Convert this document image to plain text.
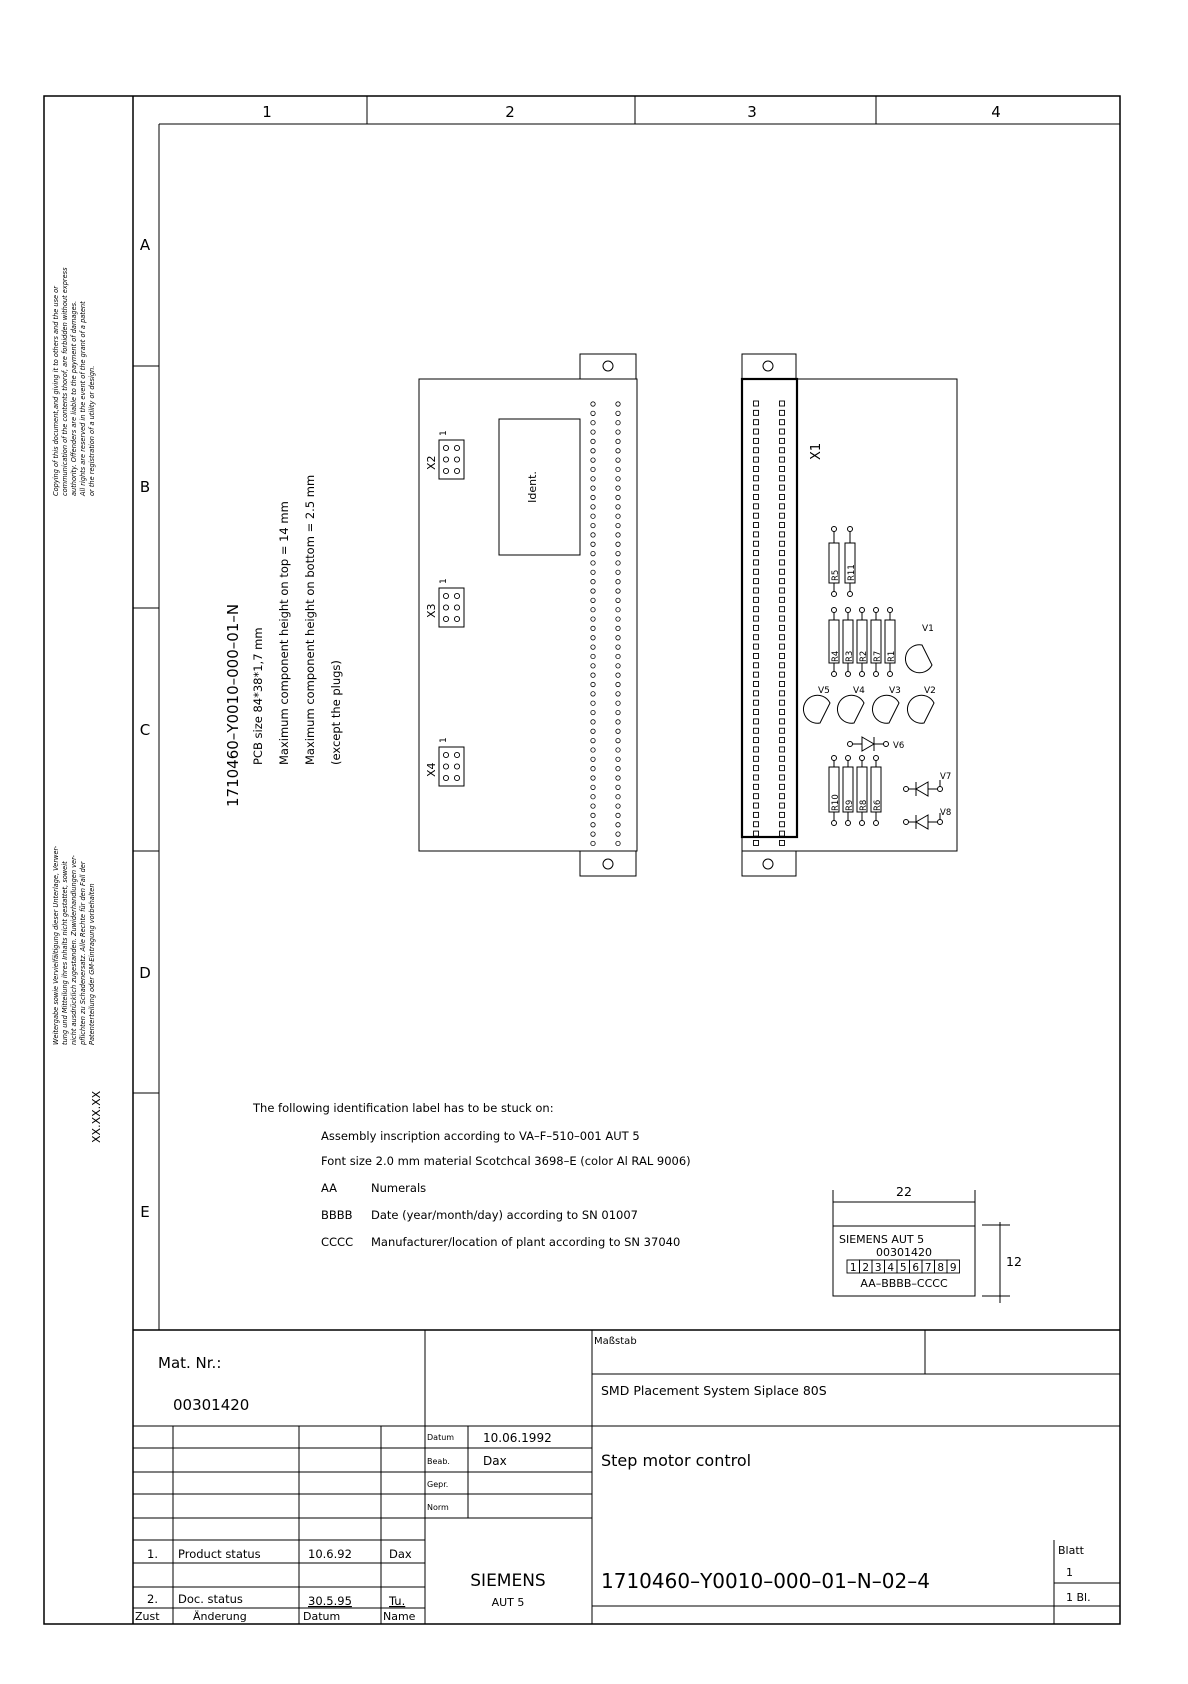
1	2	3	4
A
B
C
D
E
Copying of this document,and giving it to others and the use or communication of the contents thorof, are forbidden without express authority. Offenders are liable to the payment of damages. All rights are reserved in the event of the grant of a patent or the registration of a utility or design.
Weitergabe sowie Vervielfältigung dieser Unterlage, Verwer- tung und Mitteilung ihres Inhalts nicht gestattet, soweit nicht ausdrücklich zugestanden. Zuwiderhandlungen ver- pflichten zu Schadenersatz. Alle Rechte für den Fall der Patenterteilung oder GM-Eintragung vorbehalten
XX.XX.XX
1710460–Y0010–000–01–N PCB size 84*38*1,7 mm Maximum component height on top = 14 mm Maximum component height on bottom = 2.5 mm (except the plugs)
Ident.
X2
1
X3
1
X4
1
X1
R5 R11
R4 R3 R2 R7 R1
V1
V5	V4	V3	V2
V6
R10 R9 R8 R6
V7
V8
The following identification label has to be stuck on:
Assembly inscription according to VA–F–510–001 AUT 5
Font size 2.0 mm material Scotchcal 3698–E (color Al RAL 9006)
AA	Numerals
BBBB Date (year/month/day) according to SN 01007
CCCC Manufacturer/location of plant according to SN 37040
22
12
SIEMENS AUT 5
00301420
1 2 3 4 5 6 7 8 9
AA–BBBB–CCCC
Mat. Nr.:
00301420
Maßstab
SMD Placement System Siplace 80S
Step motor control
Datum 10.06.1992
Beab.	Dax
Gepr.
Norm
SIEMENS
AUT 5
1710460–Y0010–000–01–N–02–4
Blatt
1
1 Bl.
1. Product status	10.6.92	Dax
2. Doc. status	30.5.95	Tu.
Zust	Änderung	Datum	Name
